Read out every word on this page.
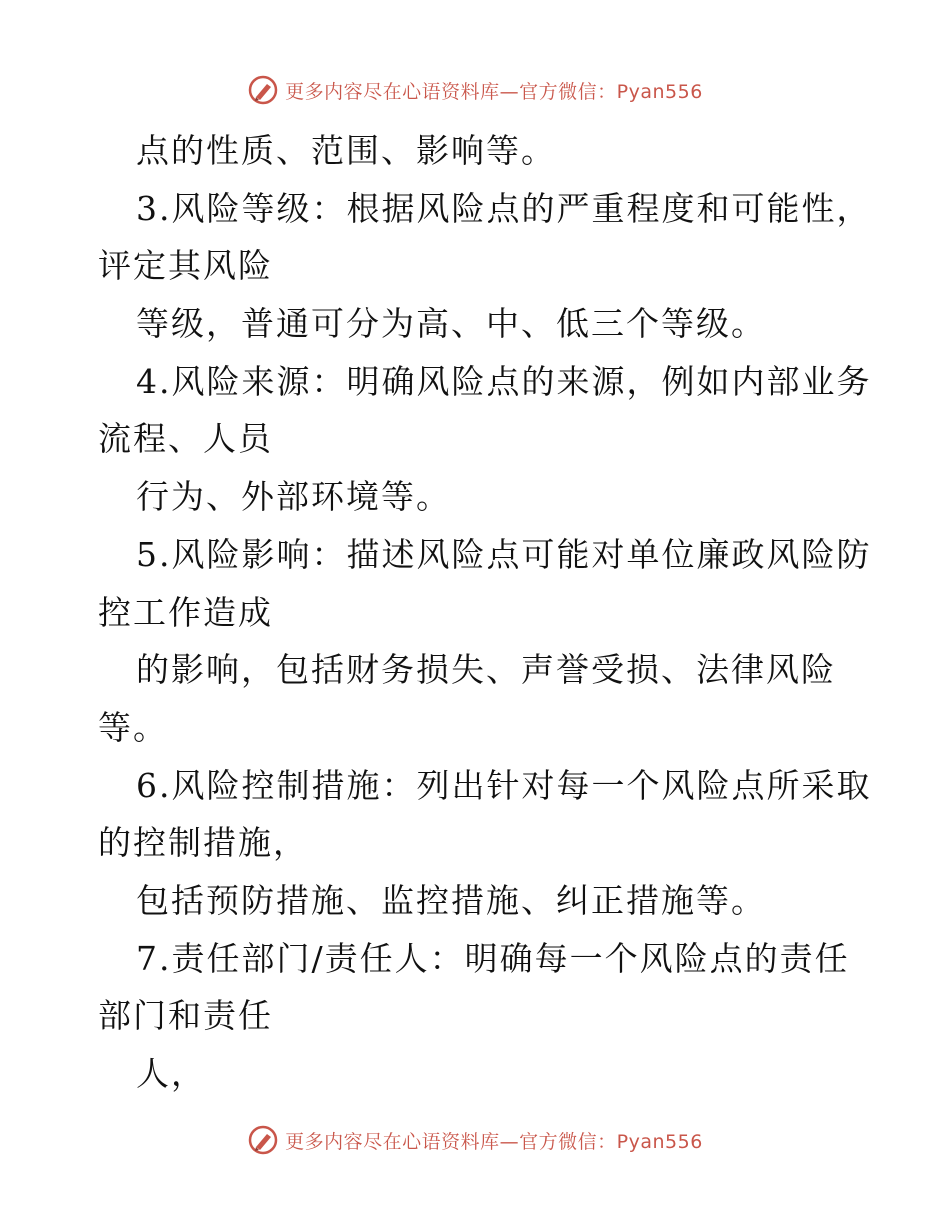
更多内容尽在心语资料库—官方微信：Pyan556
点的性质、范围、影响等。
3.风险等级：根据风险点的严重程度和可能性，
评定其风险
等级，普通可分为高、中、低三个等级。
4.风险来源：明确风险点的来源，例如内部业务
流程、人员
行为、外部环境等。
5.风险影响：描述风险点可能对单位廉政风险防
控工作造成
的影响，包括财务损失、声誉受损、法律风险
等。
6.风险控制措施：列出针对每一个风险点所采取
的控制措施，
包括预防措施、监控措施、纠正措施等。
7.责任部门/责任人：明确每一个风险点的责任
部门和责任
人，
更多内容尽在心语资料库—官方微信：Pyan556
